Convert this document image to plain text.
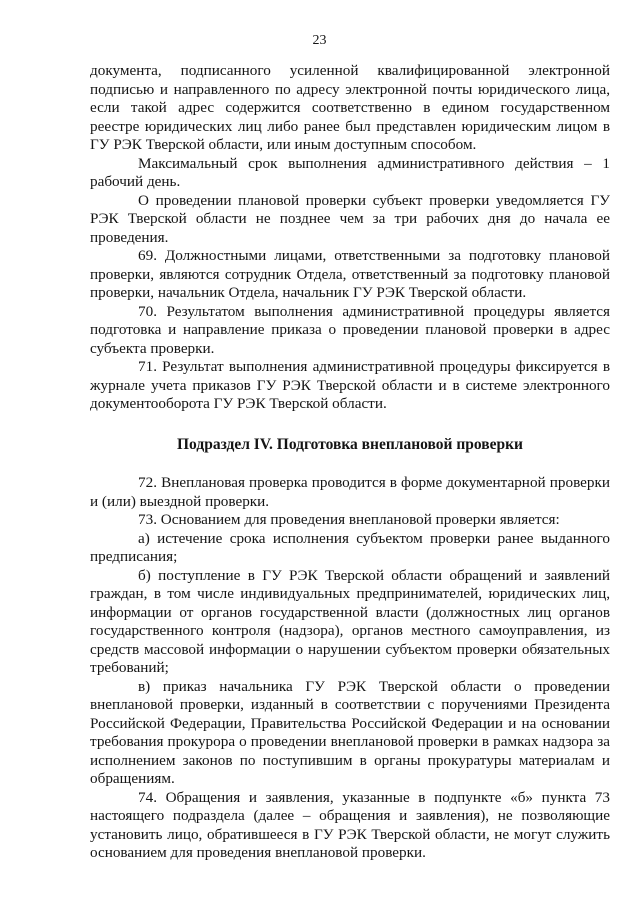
23

документа, подписанного усиленной квалифицированной электронной подписью и направленного по адресу электронной почты юридического лица, если такой адрес содержится соответственно в едином государственном реестре юридических лиц либо ранее был представлен юридическим лицом в ГУ РЭК Тверской области, или иным доступным способом.

Максимальный срок выполнения административного действия – 1 рабочий день.

О проведении плановой проверки субъект проверки уведомляется ГУ РЭК Тверской области не позднее чем за три рабочих дня до начала ее проведения.

69. Должностными лицами, ответственными за подготовку плановой проверки, являются сотрудник Отдела, ответственный за подготовку плановой проверки, начальник Отдела, начальник ГУ РЭК Тверской области.

70. Результатом выполнения административной процедуры является подготовка и направление приказа о проведении плановой проверки в адрес субъекта проверки.

71. Результат выполнения административной процедуры фиксируется в журнале учета приказов ГУ РЭК Тверской области и в системе электронного документооборота ГУ РЭК Тверской области.

Подраздел IV. Подготовка внеплановой проверки

72. Внеплановая проверка проводится в форме документарной проверки и (или) выездной проверки.

73. Основанием для проведения внеплановой проверки является:

а) истечение срока исполнения субъектом проверки ранее выданного предписания;

б) поступление в ГУ РЭК Тверской области обращений и заявлений граждан, в том числе индивидуальных предпринимателей, юридических лиц, информации от органов государственной власти (должностных лиц органов государственного контроля (надзора), органов местного самоуправления, из средств массовой информации о нарушении субъектом проверки обязательных требований;

в) приказ начальника ГУ РЭК Тверской области о проведении внеплановой проверки, изданный в соответствии с поручениями Президента Российской Федерации, Правительства Российской Федерации и на основании требования прокурора о проведении внеплановой проверки в рамках надзора за исполнением законов по поступившим в органы прокуратуры материалам и обращениям.

74. Обращения и заявления, указанные в подпункте «б» пункта 73 настоящего подраздела (далее – обращения и заявления), не позволяющие установить лицо, обратившееся в ГУ РЭК Тверской области, не могут служить основанием для проведения внеплановой проверки.
